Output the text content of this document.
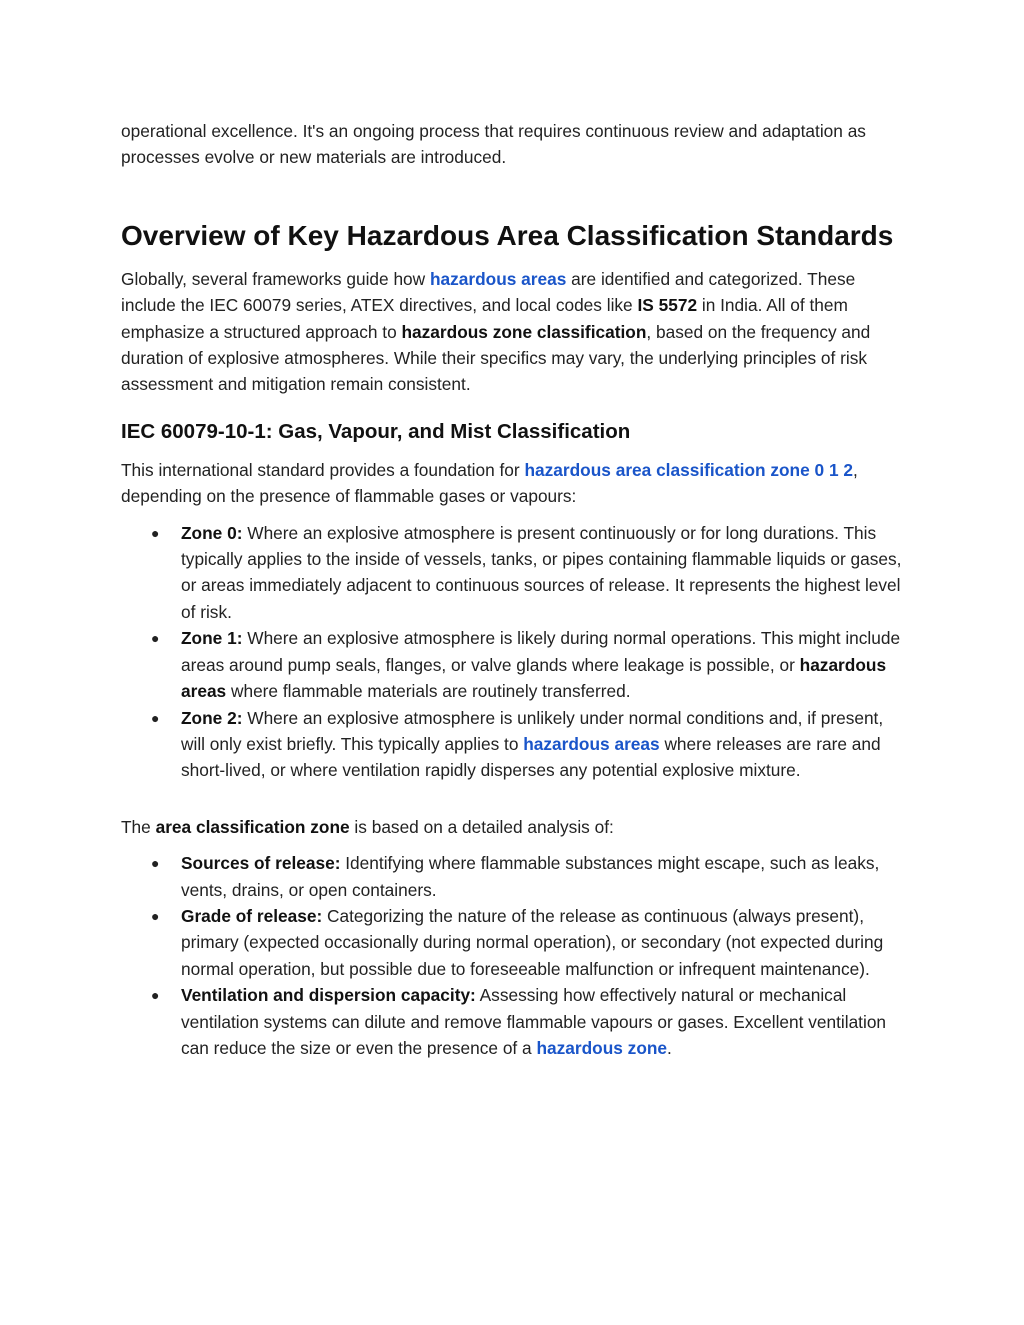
operational excellence. It's an ongoing process that requires continuous review and adaptation as processes evolve or new materials are introduced.

Overview of Key Hazardous Area Classification Standards

Globally, several frameworks guide how hazardous areas are identified and categorized. These include the IEC 60079 series, ATEX directives, and local codes like IS 5572 in India. All of them emphasize a structured approach to hazardous zone classification, based on the frequency and duration of explosive atmospheres. While their specifics may vary, the underlying principles of risk assessment and mitigation remain consistent.

IEC 60079-10-1: Gas, Vapour, and Mist Classification

This international standard provides a foundation for hazardous area classification zone 0 1 2, depending on the presence of flammable gases or vapours:

● Zone 0: Where an explosive atmosphere is present continuously or for long durations. This typically applies to the inside of vessels, tanks, or pipes containing flammable liquids or gases, or areas immediately adjacent to continuous sources of release. It represents the highest level of risk.
● Zone 1: Where an explosive atmosphere is likely during normal operations. This might include areas around pump seals, flanges, or valve glands where leakage is possible, or hazardous areas where flammable materials are routinely transferred.
● Zone 2: Where an explosive atmosphere is unlikely under normal conditions and, if present, will only exist briefly. This typically applies to hazardous areas where releases are rare and short-lived, or where ventilation rapidly disperses any potential explosive mixture.

The area classification zone is based on a detailed analysis of:

● Sources of release: Identifying where flammable substances might escape, such as leaks, vents, drains, or open containers.
● Grade of release: Categorizing the nature of the release as continuous (always present), primary (expected occasionally during normal operation), or secondary (not expected during normal operation, but possible due to foreseeable malfunction or infrequent maintenance).
● Ventilation and dispersion capacity: Assessing how effectively natural or mechanical ventilation systems can dilute and remove flammable vapours or gases. Excellent ventilation can reduce the size or even the presence of a hazardous zone.
